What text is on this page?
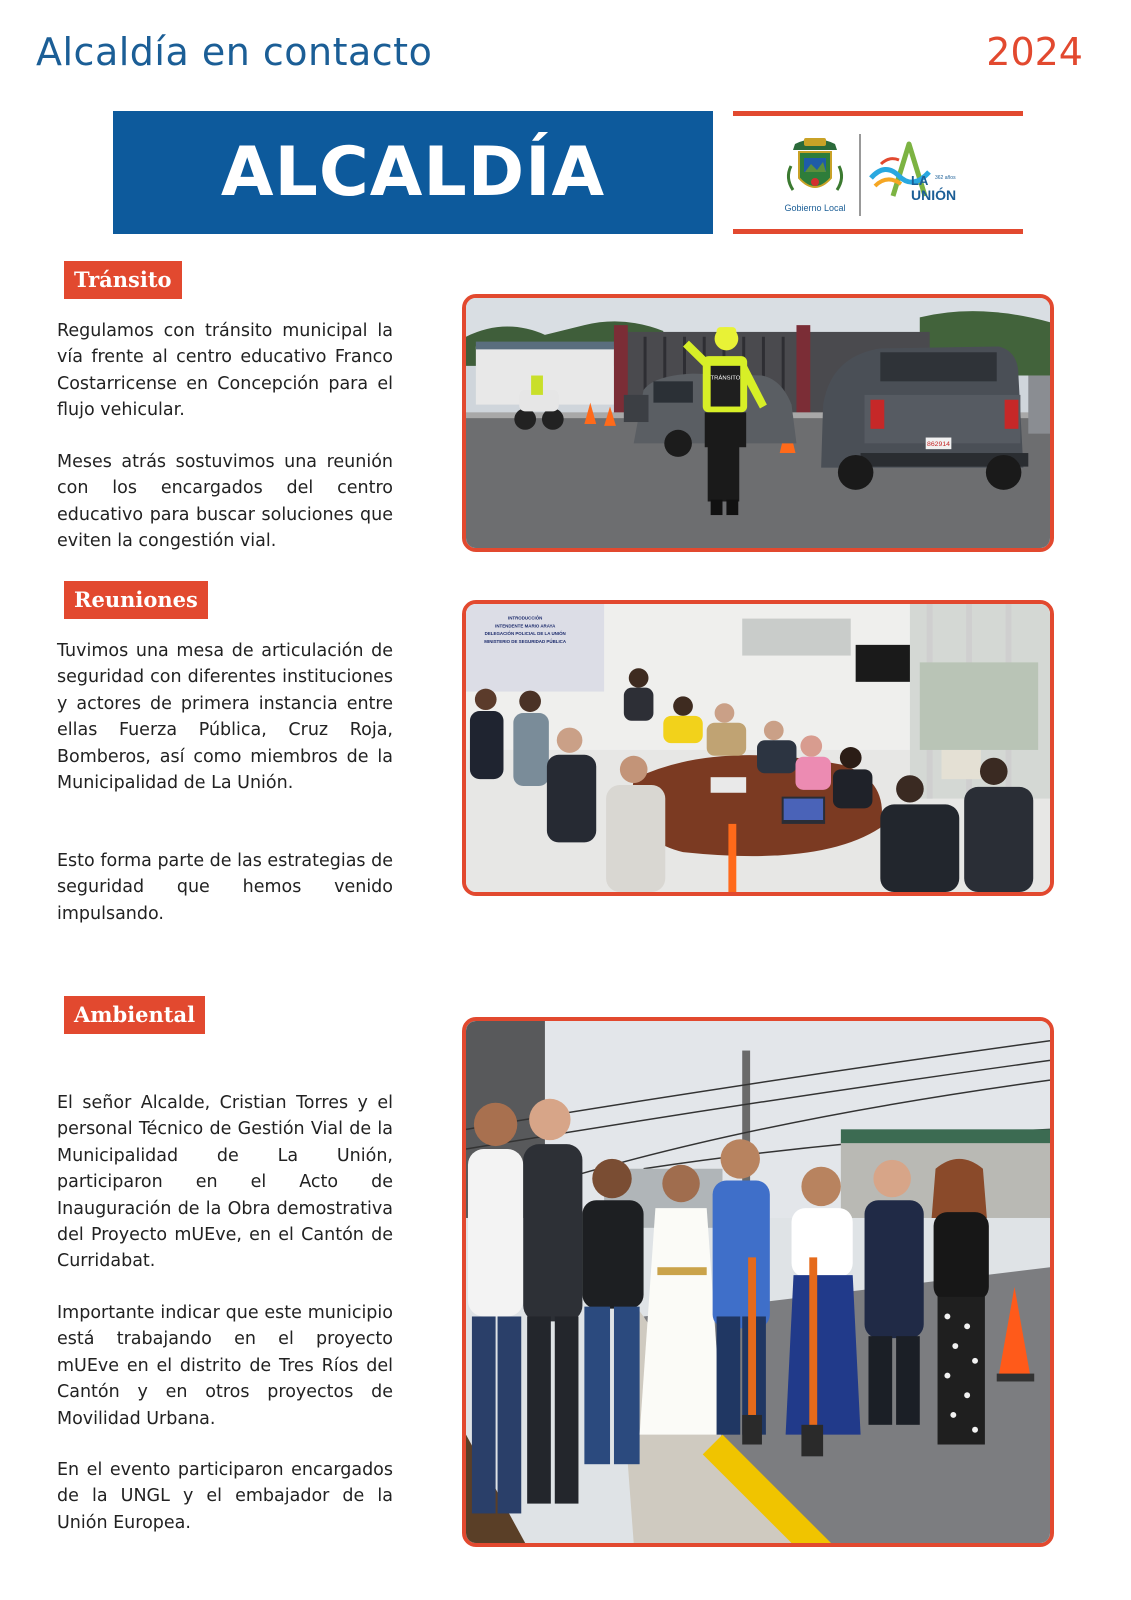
Alcaldía en contacto	2024
ALCALDÍA	Gobierno Local
LA
UNIÓN
362 años
Tránsito

Regulamos con tránsito municipal la vía frente al centro educativo Franco Costarricense en Concepción para el flujo vehicular.

Meses atrás sostuvimos una reunión con los encargados del centro educativo para buscar soluciones que eviten la congestión vial.

TRÁNSITO
862914
Reuniones

Tuvimos una mesa de articulación de seguridad con diferentes instituciones y actores de primera instancia entre ellas Fuerza Pública, Cruz Roja, Bomberos, así como miembros de la Municipalidad de La Unión.

Esto forma parte de las estrategias de seguridad que hemos venido impulsando.

INTRODUCCIÓN
INTENDENTE MARIO ARAYA
DELEGACIÓN POLICIAL DE LA UNIÓN
MINISTERIO DE SEGURIDAD PÚBLICA
Ambiental

El señor Alcalde, Cristian Torres y el personal Técnico de Gestión Vial de la Municipalidad de La Unión, participaron en el Acto de Inauguración de la Obra demostrativa del Proyecto mUEve, en el Cantón de Curridabat.

Importante indicar que este municipio está trabajando en el proyecto mUEve en el distrito de Tres Ríos del Cantón y en otros proyectos de Movilidad Urbana.

En el evento participaron encargados de la UNGL y el embajador de la Unión Europea.
